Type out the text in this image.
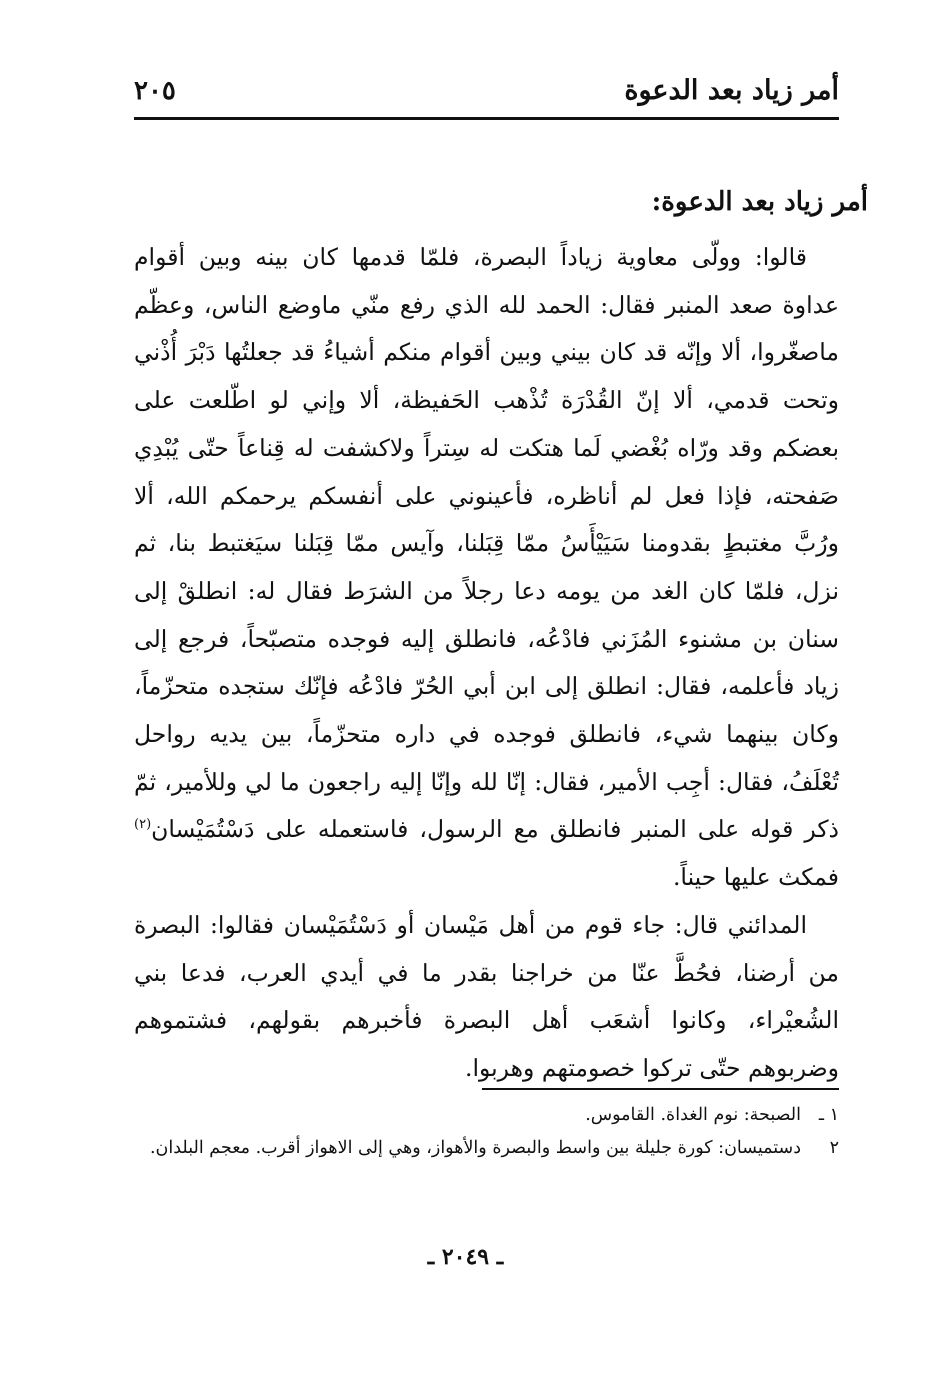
أمر زياد بعد الدعوة
٢٠٥
أمر زياد بعد الدعوة:

قالوا: وولّى معاوية زياداً البصرة، فلمّا قدمها كان بينه وبين أقوام عداوة صعد المنبر فقال: الحمد لله الذي رفع منّي ماوضع الناس، وعظّم ماصغّروا، ألا وإنّه قد كان بيني وبين أقوام منكم أشياءُ قد جعلتُها دَبْرَ أُذْني وتحت قدمي، ألا إنّ القُدْرَة تُذْهب الحَفيظة، ألا وإني لو اطّلعت على بعضكم وقد ورّاه بُغْضي لَما هتكت له سِتراً ولاكشفت له قِناعاً حتّى يُبْدِي صَفحته، فإذا فعل لم أناظره، فأعينوني على أنفسكم يرحمكم الله، ألا ورُبَّ مغتبطٍ بقدومنا سَيَيْأَسُ ممّا قِبَلنا، وآيس ممّا قِبَلنا سيَغتبط بنا، ثم نزل، فلمّا كان الغد من يومه دعا رجلاً من الشرَط فقال له: انطلقْ إلى سنان بن مشنوء المُزَني فادْعُه، فانطلق إليه فوجده متصبّحاً، فرجع إلى زياد فأعلمه، فقال: انطلق إلى ابن أبي الحُرّ فادْعُه فإنّك ستجده متحزّماً، وكان بينهما شيء، فانطلق فوجده في داره متحزّماً، بين يديه رواحل تُعْلَفُ، فقال: أجِب الأمير، فقال: إنّا لله وإنّا إليه راجعون ما لي وللأمير، ثمّ ذكر قوله على المنبر فانطلق مع الرسول، فاستعمله على دَسْتُمَيْسان$^{(٢)}$ فمكث عليها حيناً.

المدائني قال: جاء قوم من أهل مَيْسان أو دَسْتُمَيْسان فقالوا: البصرة من أرضنا، فحُطَّ عنّا من خراجنا بقدر ما في أيدي العرب، فدعا بني الشُعيْراء، وكانوا أشعَب أهل البصرة فأخبرهم بقولهم، فشتموهم وضربوهم حتّى تركوا خصومتهم وهربوا.

١ ـ
الصبحة: نوم الغداة. القاموس.
٢
دستميسان: كورة جليلة بين واسط والبصرة والأهواز، وهي إلى الاهواز أقرب. معجم البلدان.
ـ ٢٠٤٩ ـ
